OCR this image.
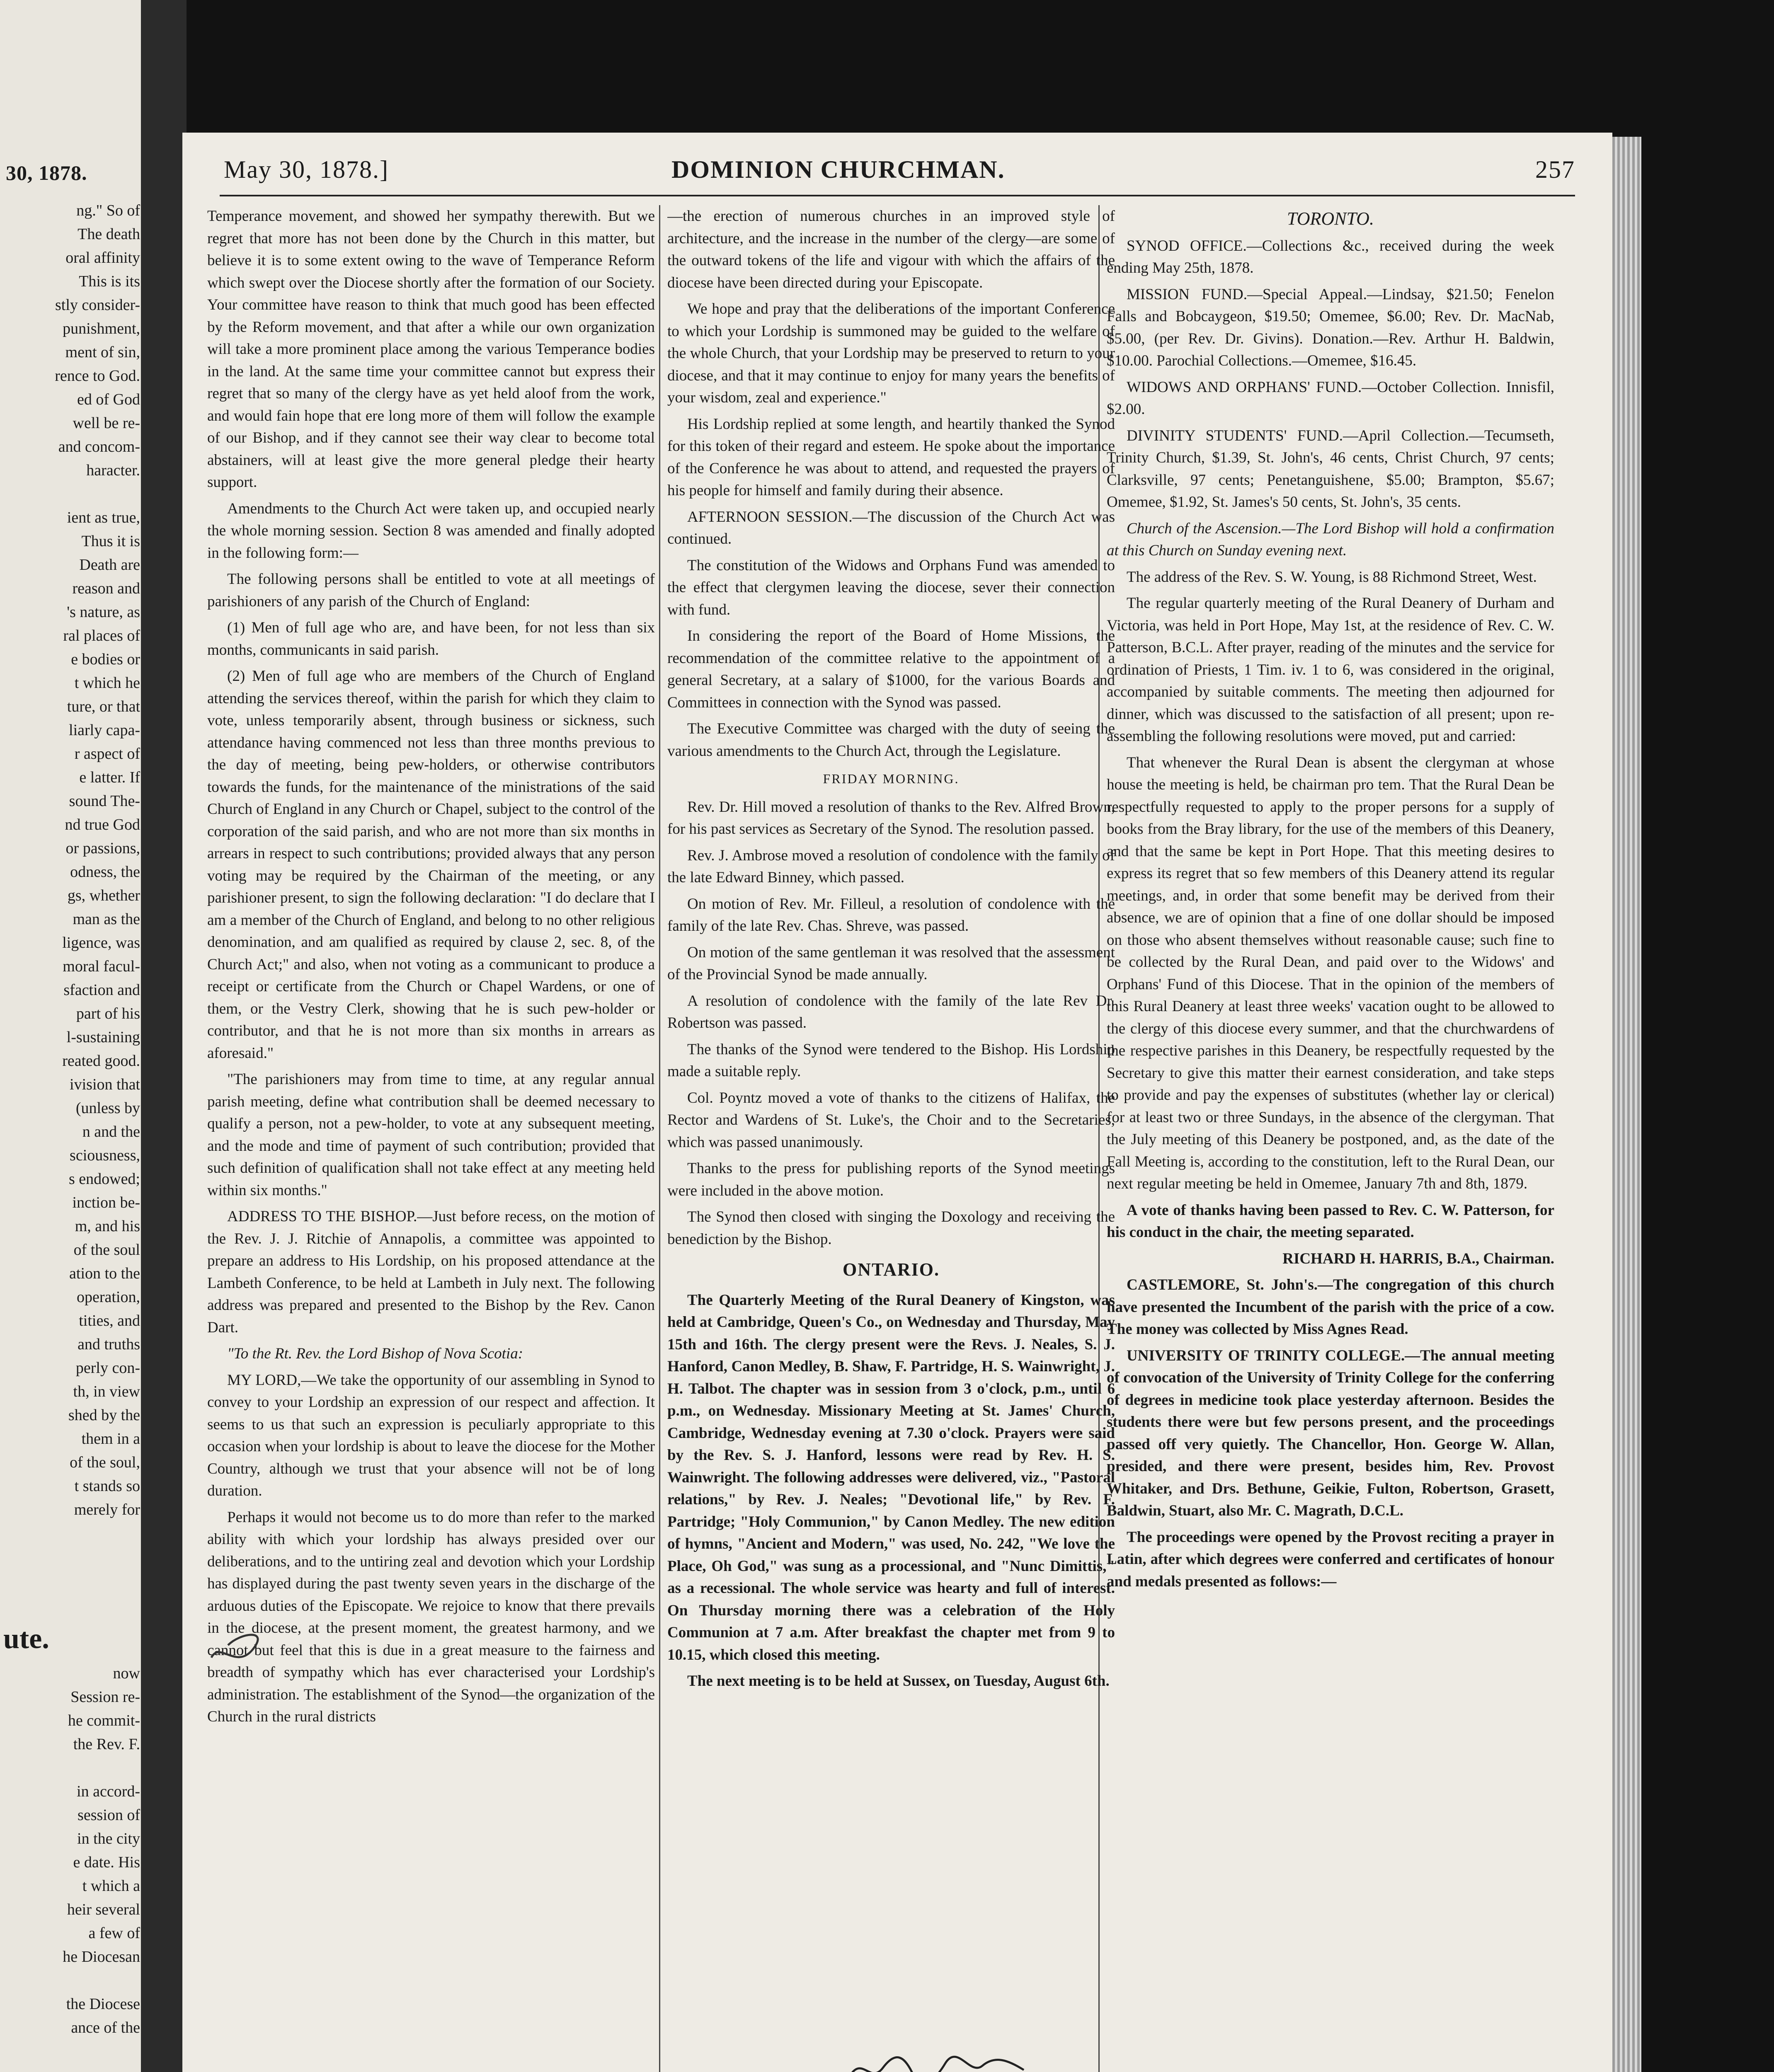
30, 1878.
ng." So of
The death
oral affinity
This is its
stly consider-
punishment,
ment of sin,
rence to God.
ed of God
well be re-
and concom-
haracter.
ient as true,
Thus it is
Death are
reason and
's nature, as
ral places of
e bodies or
t which he
ture, or that
liarly capa-
r aspect of
e latter. If
sound The-
nd true God
or passions,
odness, the
gs, whether
man as the
ligence, was
moral facul-
sfaction and
part of his
l-sustaining
reated good.
ivision that
(unless by
n and the
sciousness,
s endowed;
inction be-
m, and his
of the soul
ation to the
operation,
tities, and
and truths
perly con-
th, in view
shed by the
them in a
of the soul,
t stands so
merely for
ute.
now
Session re-
he commit-
the Rev. F.
in accord-
session of
in the city
e date. His
t which a
heir several
a few of
he Diocesan
the Diocese
ance of the
May 30, 1878.]	DOMINION CHURCHMAN.	257

Temperance movement, and showed her sympathy therewith. But we regret that more has not been done by the Church in this matter, but believe it is to some extent owing to the wave of Temperance Reform which swept over the Diocese shortly after the formation of our Society. Your committee have reason to think that much good has been effected by the Reform movement, and that after a while our own organization will take a more prominent place among the various Temperance bodies in the land. At the same time your committee cannot but express their regret that so many of the clergy have as yet held aloof from the work, and would fain hope that ere long more of them will follow the example of our Bishop, and if they cannot see their way clear to become total abstainers, will at least give the more general pledge their hearty support.

Amendments to the Church Act were taken up, and occupied nearly the whole morning session. Section 8 was amended and finally adopted in the following form:—

The following persons shall be entitled to vote at all meetings of parishioners of any parish of the Church of England:

(1) Men of full age who are, and have been, for not less than six months, communicants in said parish.

(2) Men of full age who are members of the Church of England attending the services thereof, within the parish for which they claim to vote, unless temporarily absent, through business or sickness, such attendance having commenced not less than three months previous to the day of meeting, being pew-holders, or otherwise contributors towards the funds, for the maintenance of the ministrations of the said Church of England in any Church or Chapel, subject to the control of the corporation of the said parish, and who are not more than six months in arrears in respect to such contributions; provided always that any person voting may be required by the Chairman of the meeting, or any parishioner present, to sign the following declaration: "I do declare that I am a member of the Church of England, and belong to no other religious denomination, and am qualified as required by clause 2, sec. 8, of the Church Act;" and also, when not voting as a communicant to produce a receipt or certificate from the Church or Chapel Wardens, or one of them, or the Vestry Clerk, showing that he is such pew-holder or contributor, and that he is not more than six months in arrears as aforesaid."

"The parishioners may from time to time, at any regular annual parish meeting, define what contribution shall be deemed necessary to qualify a person, not a pew-holder, to vote at any subsequent meeting, and the mode and time of payment of such contribution; provided that such definition of qualification shall not take effect at any meeting held within six months."

ADDRESS TO THE BISHOP.—Just before recess, on the motion of the Rev. J. J. Ritchie of Annapolis, a committee was appointed to prepare an address to His Lordship, on his proposed attendance at the Lambeth Conference, to be held at Lambeth in July next. The following address was prepared and presented to the Bishop by the Rev. Canon Dart.

"To the Rt. Rev. the Lord Bishop of Nova Scotia:

MY LORD,—We take the opportunity of our assembling in Synod to convey to your Lordship an expression of our respect and affection. It seems to us that such an expression is peculiarly appropriate to this occasion when your lordship is about to leave the diocese for the Mother Country, although we trust that your absence will not be of long duration.

Perhaps it would not become us to do more than refer to the marked ability with which your lordship has always presided over our deliberations, and to the untiring zeal and devotion which your Lordship has displayed during the past twenty seven years in the discharge of the arduous duties of the Episcopate. We rejoice to know that there prevails in the diocese, at the present moment, the greatest harmony, and we cannot but feel that this is due in a great measure to the fairness and breadth of sympathy which has ever characterised your Lordship's administration. The establishment of the Synod—the organization of the Church in the rural districts

—the erection of numerous churches in an improved style of architecture, and the increase in the number of the clergy—are some of the outward tokens of the life and vigour with which the affairs of the diocese have been directed during your Episcopate.

We hope and pray that the deliberations of the important Conference to which your Lordship is summoned may be guided to the welfare of the whole Church, that your Lordship may be preserved to return to your diocese, and that it may continue to enjoy for many years the benefits of your wisdom, zeal and experience."

His Lordship replied at some length, and heartily thanked the Synod for this token of their regard and esteem. He spoke about the importance of the Conference he was about to attend, and requested the prayers of his people for himself and family during their absence.

AFTERNOON SESSION.—The discussion of the Church Act was continued.

The constitution of the Widows and Orphans Fund was amended to the effect that clergymen leaving the diocese, sever their connection with fund.

In considering the report of the Board of Home Missions, the recommendation of the committee relative to the appointment of a general Secretary, at a salary of $1000, for the various Boards and Committees in connection with the Synod was passed.

The Executive Committee was charged with the duty of seeing the various amendments to the Church Act, through the Legislature.

FRIDAY MORNING.

Rev. Dr. Hill moved a resolution of thanks to the Rev. Alfred Brown, for his past services as Secretary of the Synod. The resolution passed.

Rev. J. Ambrose moved a resolution of condolence with the family of the late Edward Binney, which passed.

On motion of Rev. Mr. Filleul, a resolution of condolence with the family of the late Rev. Chas. Shreve, was passed.

On motion of the same gentleman it was resolved that the assessment of the Provincial Synod be made annually.

A resolution of condolence with the family of the late Rev Dr. Robertson was passed.

The thanks of the Synod were tendered to the Bishop. His Lordship made a suitable reply.

Col. Poyntz moved a vote of thanks to the citizens of Halifax, the Rector and Wardens of St. Luke's, the Choir and to the Secretaries, which was passed unanimously.

Thanks to the press for publishing reports of the Synod meetings were included in the above motion.

The Synod then closed with singing the Doxology and receiving the benediction by the Bishop.

ONTARIO.

The Quarterly Meeting of the Rural Deanery of Kingston, was held at Cambridge, Queen's Co., on Wednesday and Thursday, May 15th and 16th. The clergy present were the Revs. J. Neales, S. J. Hanford, Canon Medley, B. Shaw, F. Partridge, H. S. Wainwright, J. H. Talbot. The chapter was in session from 3 o'clock, p.m., until 6 p.m., on Wednesday. Missionary Meeting at St. James' Church, Cambridge, Wednesday evening at 7.30 o'clock. Prayers were said by the Rev. S. J. Hanford, lessons were read by Rev. H. S. Wainwright. The following addresses were delivered, viz., "Pastoral relations," by Rev. J. Neales; "Devotional life," by Rev. F. Partridge; "Holy Communion," by Canon Medley. The new edition of hymns, "Ancient and Modern," was used, No. 242, "We love the Place, Oh God," was sung as a processional, and "Nunc Dimittis," as a recessional. The whole service was hearty and full of interest. On Thursday morning there was a celebration of the Holy Communion at 7 a.m. After breakfast the chapter met from 9 to 10.15, which closed this meeting.

The next meeting is to be held at Sussex, on Tuesday, August 6th.

TORONTO.

SYNOD OFFICE.—Collections &c., received during the week ending May 25th, 1878.

MISSION FUND.—Special Appeal.—Lindsay, $21.50; Fenelon Falls and Bobcaygeon, $19.50; Omemee, $6.00; Rev. Dr. MacNab, $5.00, (per Rev. Dr. Givins). Donation.—Rev. Arthur H. Baldwin, $10.00. Parochial Collections.—Omemee, $16.45.

WIDOWS AND ORPHANS' FUND.—October Collection. Innisfil, $2.00.

DIVINITY STUDENTS' FUND.—April Collection.—Tecumseth, Trinity Church, $1.39, St. John's, 46 cents, Christ Church, 97 cents; Clarksville, 97 cents; Penetanguishene, $5.00; Brampton, $5.67; Omemee, $1.92, St. James's 50 cents, St. John's, 35 cents.

Church of the Ascension.—The Lord Bishop will hold a confirmation at this Church on Sunday evening next.

The address of the Rev. S. W. Young, is 88 Richmond Street, West.

The regular quarterly meeting of the Rural Deanery of Durham and Victoria, was held in Port Hope, May 1st, at the residence of Rev. C. W. Patterson, B.C.L. After prayer, reading of the minutes and the service for ordination of Priests, 1 Tim. iv. 1 to 6, was considered in the original, accompanied by suitable comments. The meeting then adjourned for dinner, which was discussed to the satisfaction of all present; upon re-assembling the following resolutions were moved, put and carried:

That whenever the Rural Dean is absent the clergyman at whose house the meeting is held, be chairman pro tem. That the Rural Dean be respectfully requested to apply to the proper persons for a supply of books from the Bray library, for the use of the members of this Deanery, and that the same be kept in Port Hope. That this meeting desires to express its regret that so few members of this Deanery attend its regular meetings, and, in order that some benefit may be derived from their absence, we are of opinion that a fine of one dollar should be imposed on those who absent themselves without reasonable cause; such fine to be collected by the Rural Dean, and paid over to the Widows' and Orphans' Fund of this Diocese. That in the opinion of the members of this Rural Deanery at least three weeks' vacation ought to be allowed to the clergy of this diocese every summer, and that the churchwardens of the respective parishes in this Deanery, be respectfully requested by the Secretary to give this matter their earnest consideration, and take steps to provide and pay the expenses of substitutes (whether lay or clerical) for at least two or three Sundays, in the absence of the clergyman. That the July meeting of this Deanery be postponed, and, as the date of the Fall Meeting is, according to the constitution, left to the Rural Dean, our next regular meeting be held in Omemee, January 7th and 8th, 1879.

A vote of thanks having been passed to Rev. C. W. Patterson, for his conduct in the chair, the meeting separated.

RICHARD H. HARRIS, B.A., Chairman.

CASTLEMORE, St. John's.—The congregation of this church have presented the Incumbent of the parish with the price of a cow. The money was collected by Miss Agnes Read.

UNIVERSITY OF TRINITY COLLEGE.—The annual meeting of convocation of the University of Trinity College for the conferring of degrees in medicine took place yesterday afternoon. Besides the students there were but few persons present, and the proceedings passed off very quietly. The Chancellor, Hon. George W. Allan, presided, and there were present, besides him, Rev. Provost Whitaker, and Drs. Bethune, Geikie, Fulton, Robertson, Grasett, Baldwin, Stuart, also Mr. C. Magrath, D.C.L.

The proceedings were opened by the Provost reciting a prayer in Latin, after which degrees were conferred and certificates of honour and medals presented as follows:—
